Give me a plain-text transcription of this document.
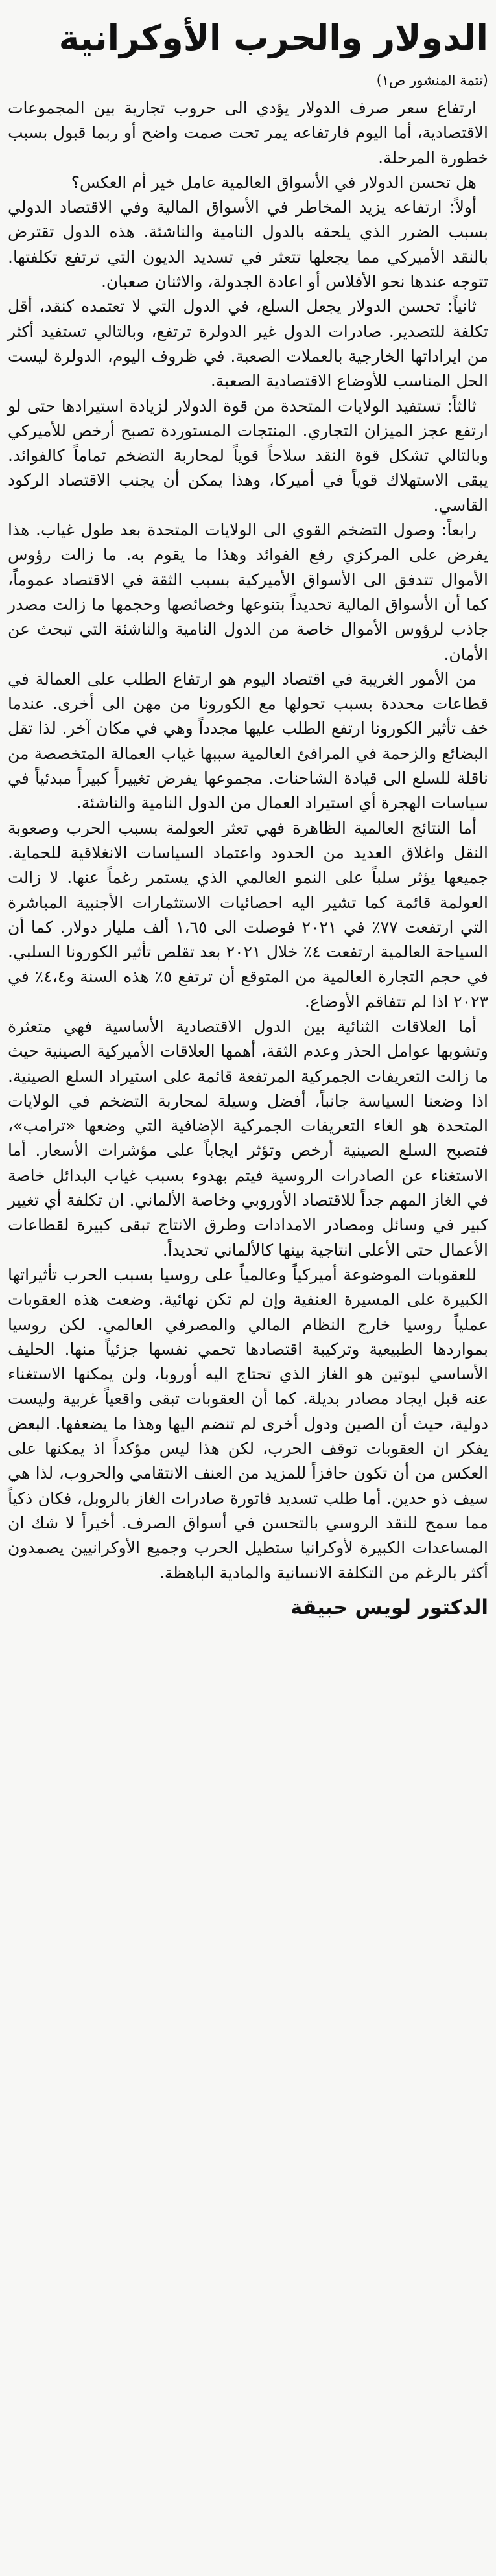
الدولار والحرب الأوكرانية
(تتمة المنشور ص١)

ارتفاع سعر صرف الدولار يؤدي الى حروب تجارية بين المجموعات الاقتصادية، أما اليوم فارتفاعه يمر تحت صمت واضح أو ربما قبول بسبب خطورة المرحلة.

هل تحسن الدولار في الأسواق العالمية عامل خير أم العكس؟

أولاً: ارتفاعه يزيد المخاطر في الأسواق المالية وفي الاقتصاد الدولي بسبب الضرر الذي يلحقه بالدول النامية والناشئة. هذه الدول تقترض بالنقد الأميركي مما يجعلها تتعثر في تسديد الديون التي ترتفع تكلفتها. تتوجه عندها نحو الأفلاس أو اعادة الجدولة، والاثنان صعبان.

ثانياً: تحسن الدولار يجعل السلع، في الدول التي لا تعتمده كنقد، أقل تكلفة للتصدير. صادرات الدول غير الدولرة ترتفع، وبالتالي تستفيد أكثر من ايراداتها الخارجية بالعملات الصعبة. في ظروف اليوم، الدولرة ليست الحل المناسب للأوضاع الاقتصادية الصعبة.

ثالثاً: تستفيد الولايات المتحدة من قوة الدولار لزيادة استيرادها حتى لو ارتفع عجز الميزان التجاري. المنتجات المستوردة تصبح أرخص للأميركي وبالتالي تشكل قوة النقد سلاحاً قوياً لمحاربة التضخم تماماً كالفوائد. يبقى الاستهلاك قوياً في أميركا، وهذا يمكن أن يجنب الاقتصاد الركود القاسي.

رابعاً: وصول التضخم القوي الى الولايات المتحدة بعد طول غياب. هذا يفرض على المركزي رفع الفوائد وهذا ما يقوم به. ما زالت رؤوس الأموال تتدفق الى الأسواق الأميركية بسبب الثقة في الاقتصاد عموماً، كما أن الأسواق المالية تحديداً بتنوعها وخصائصها وحجمها ما زالت مصدر جاذب لرؤوس الأموال خاصة من الدول النامية والناشئة التي تبحث عن الأمان.

من الأمور الغريبة في اقتصاد اليوم هو ارتفاع الطلب على العمالة في قطاعات محددة بسبب تحولها مع الكورونا من مهن الى أخرى. عندما خف تأثير الكورونا ارتفع الطلب عليها مجدداً وهي في مكان آخر. لذا تقل البضائع والزحمة في المرافئ العالمية سببها غياب العمالة المتخصصة من ناقلة للسلع الى قيادة الشاحنات. مجموعها يفرض تغييراً كبيراً مبدئياً في سياسات الهجرة أي استيراد العمال من الدول النامية والناشئة.

أما النتائج العالمية الظاهرة فهي تعثر العولمة بسبب الحرب وصعوبة النقل واغلاق العديد من الحدود واعتماد السياسات الانغلاقية للحماية. جميعها يؤثر سلباً على النمو العالمي الذي يستمر رغماً عنها. لا زالت العولمة قائمة كما تشير اليه احصائيات الاستثمارات الأجنبية المباشرة التي ارتفعت ٧٧٪ في ٢٠٢١ فوصلت الى ١،٦٥ ألف مليار دولار. كما أن السياحة العالمية ارتفعت ٤٪ خلال ٢٠٢١ بعد تقلص تأثير الكورونا السلبي. في حجم التجارة العالمية من المتوقع أن ترتفع ٥٪ هذه السنة و٤،٤٪ في ٢٠٢٣ اذا لم تتفاقم الأوضاع.

أما العلاقات الثنائية بين الدول الاقتصادية الأساسية فهي متعثرة وتشوبها عوامل الحذر وعدم الثقة، أهمها العلاقات الأميركية الصينية حيث ما زالت التعريفات الجمركية المرتفعة قائمة على استيراد السلع الصينية. اذا وضعنا السياسة جانباً، أفضل وسيلة لمحاربة التضخم في الولايات المتحدة هو الغاء التعريفات الجمركية الإضافية التي وضعها «ترامب»، فتصبح السلع الصينية أرخص وتؤثر ايجاباً على مؤشرات الأسعار. أما الاستغناء عن الصادرات الروسية فيتم بهدوء بسبب غياب البدائل خاصة في الغاز المهم جداً للاقتصاد الأوروبي وخاصة الألماني. ان تكلفة أي تغيير كبير في وسائل ومصادر الامدادات وطرق الانتاج تبقى كبيرة لقطاعات الأعمال حتى الأعلى انتاجية بينها كالألماني تحديداً.

للعقوبات الموضوعة أميركياً وعالمياً على روسيا بسبب الحرب تأثيراتها الكبيرة على المسيرة العنفية وإن لم تكن نهائية. وضعت هذه العقوبات عملياً روسيا خارج النظام المالي والمصرفي العالمي. لكن روسيا بمواردها الطبيعية وتركيبة اقتصادها تحمي نفسها جزئياً منها. الحليف الأساسي لبوتين هو الغاز الذي تحتاج اليه أوروبا، ولن يمكنها الاستغناء عنه قبل ايجاد مصادر بديلة. كما أن العقوبات تبقى واقعياً غربية وليست دولية، حيث أن الصين ودول أخرى لم تنضم اليها وهذا ما يضعفها. البعض يفكر ان العقوبات توقف الحرب، لكن هذا ليس مؤكداً اذ يمكنها على العكس من أن تكون حافزاً للمزيد من العنف الانتقامي والحروب، لذا هي سيف ذو حدين. أما طلب تسديد فاتورة صادرات الغاز بالروبل، فكان ذكياً مما سمح للنقد الروسي بالتحسن في أسواق الصرف. أخيراً لا شك ان المساعدات الكبيرة لأوكرانيا ستطيل الحرب وجميع الأوكرانيين يصمدون أكثر بالرغم من التكلفة الانسانية والمادية الباهظة.

الدكتور لويس حبيقة
